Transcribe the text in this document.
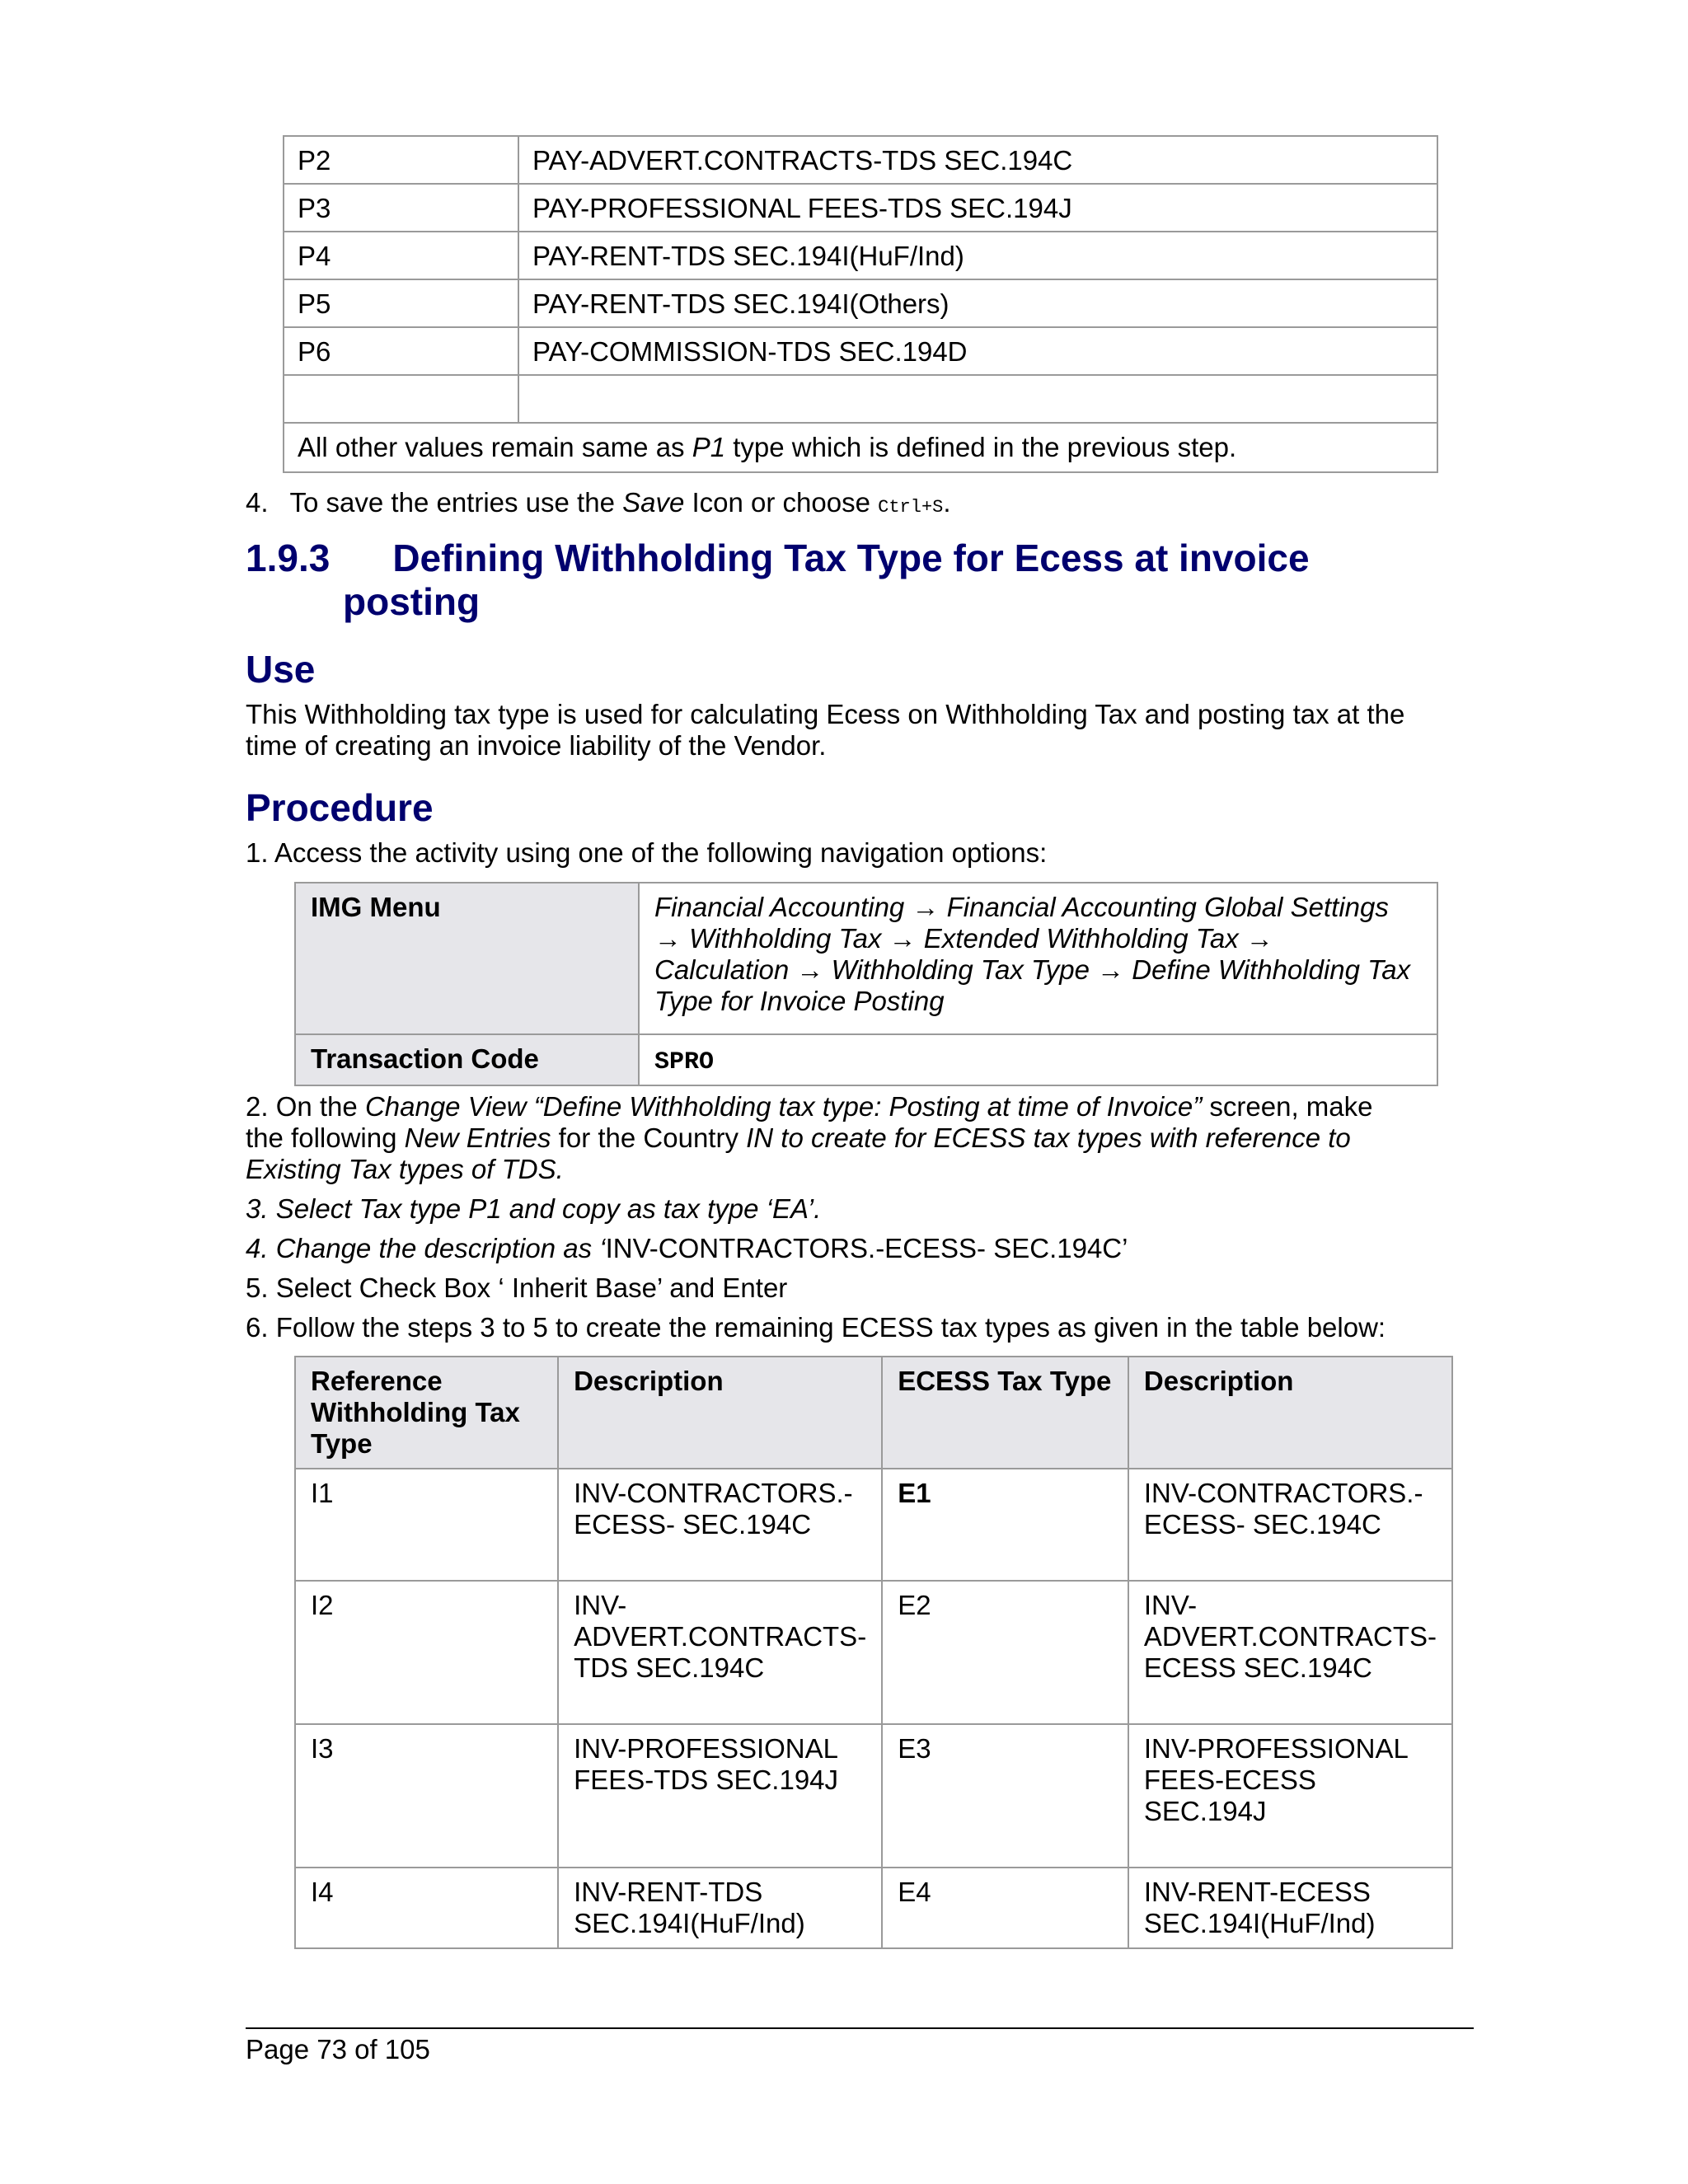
P2	PAY-ADVERT.CONTRACTS-TDS SEC.194C
P3	PAY-PROFESSIONAL FEES-TDS SEC.194J
P4	PAY-RENT-TDS SEC.194I(HuF/Ind)
P5	PAY-RENT-TDS SEC.194I(Others)
P6	PAY-COMMISSION-TDS SEC.194D

All other values remain same as P1 type which is defined in the previous step.	
4. To save the entries use the Save Icon or choose Ctrl+S.
1.9.3 Defining Withholding Tax Type for Ecess at invoice
posting
Use
This Withholding tax type is used for calculating Ecess on Withholding Tax and posting tax at the
time of creating an invoice liability of the Vendor.
Procedure
1. Access the activity using one of the following navigation options:
IMG Menu	Financial Accounting → Financial Accounting Global Settings
→ Withholding Tax → Extended Withholding Tax →
Calculation → Withholding Tax Type → Define Withholding Tax
Type for Invoice Posting

Transaction Code	SPRO
2. On the Change View “Define Withholding tax type: Posting at time of Invoice” screen, make
the following New Entries for the Country IN to create for ECESS tax types with reference to
Existing Tax types of TDS.
3. Select Tax type P1 and copy as tax type ‘EA’.
4. Change the description as ‘INV-CONTRACTORS.-ECESS- SEC.194C’
5. Select Check Box ‘ Inherit Base’ and Enter
6. Follow the steps 3 to 5 to create the remaining ECESS tax types as given in the table below:
Reference Withholding Tax Type	Description	ECESS Tax Type	Description
I1	INV-CONTRACTORS.-ECESS- SEC.194C	E1	INV-CONTRACTORS.-ECESS- SEC.194C
I2	INV-ADVERT.CONTRACTS-TDS SEC.194C	E2	INV-ADVERT.CONTRACTS-ECESS SEC.194C
I3	INV-PROFESSIONAL FEES-TDS SEC.194J	E3	INV-PROFESSIONAL FEES-ECESS SEC.194J
I4	INV-RENT-TDS SEC.194I(HuF/Ind)	E4	INV-RENT-ECESS SEC.194I(HuF/Ind)
Page 73 of 105
